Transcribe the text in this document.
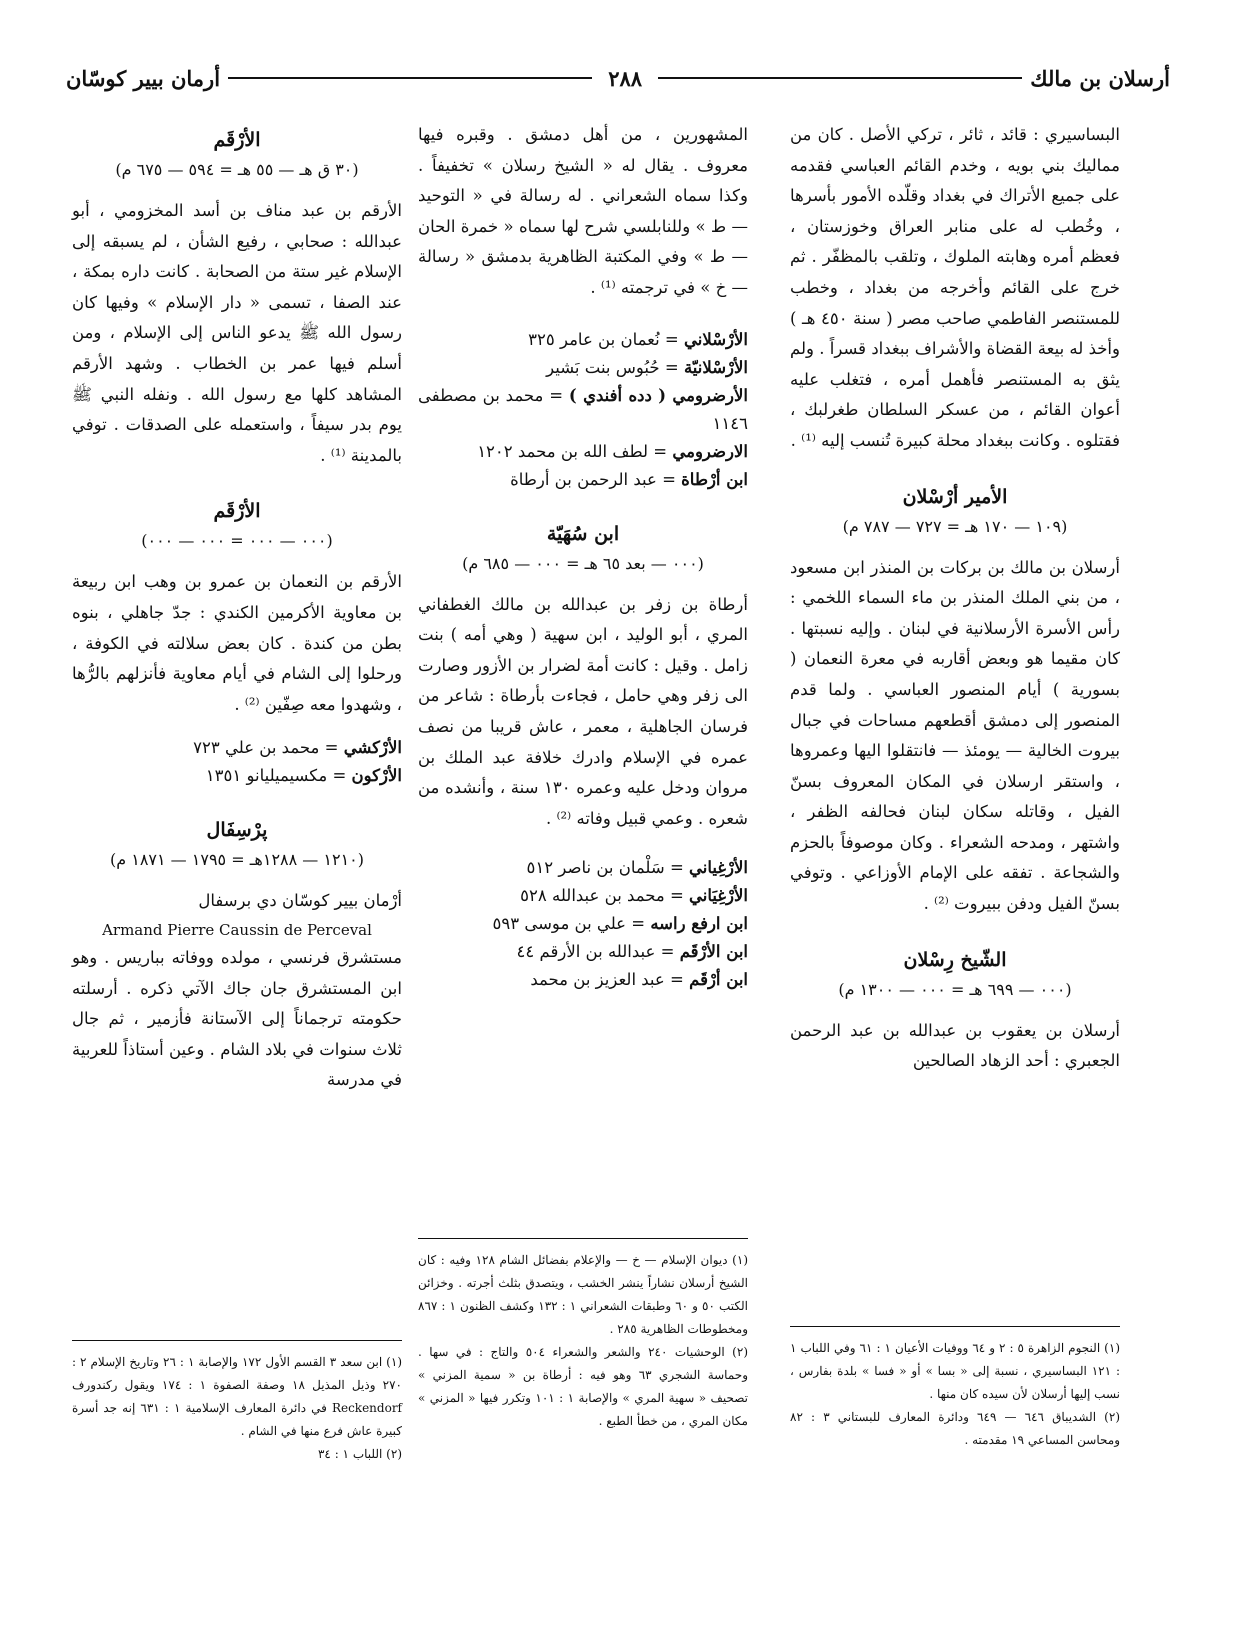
أرسلان بن مالك
٢٨٨
أرمان بيير كوسّان

البساسيري : قائد ، ثائر ، تركي الأصل . كان من مماليك بني بويه ، وخدم القائم العباسي فقدمه على جميع الأتراك في بغداد وقلّده الأمور بأسرها ، وخُطب له على منابر العراق وخوزستان ، فعظم أمره وهابته الملوك ، وتلقب بالمظفّر . ثم خرج على القائم وأخرجه من بغداد ، وخطب للمستنصر الفاطمي صاحب مصر ( سنة ٤٥٠ هـ ) وأخذ له بيعة القضاة والأشراف ببغداد قسراً . ولم يثق به المستنصر فأهمل أمره ، فتغلب عليه أعوان القائم ، من عسكر السلطان طغرلبك ، فقتلوه . وكانت ببغداد محلة كبيرة تُنسب إليه ⁽¹⁾ .

الأمير أرْسْلان
(١٠٩ — ١٧٠ هـ = ٧٢٧ — ٧٨٧ م)

أرسلان بن مالك بن بركات بن المنذر ابن مسعود ، من بني الملك المنذر بن ماء السماء اللخمي : رأس الأسرة الأرسلانية في لبنان . وإليه نسبتها . كان مقيما هو وبعض أقاربه في معرة النعمان ( بسورية ) أيام المنصور العباسي . ولما قدم المنصور إلى دمشق أقطعهم مساحات في جبال بيروت الخالية — يومئذ — فانتقلوا اليها وعمروها ، واستقر ارسلان في المكان المعروف بسنّ الفيل ، وقاتله سكان لبنان فحالفه الظفر ، واشتهر ، ومدحه الشعراء . وكان موصوفاً بالحزم والشجاعة . تفقه على الإمام الأوزاعي . وتوفي بسنّ الفيل ودفن ببيروت ⁽²⁾ .

الشّيخ رِسْلان
(٠٠٠ — ٦٩٩ هـ = ٠٠٠ — ١٣٠٠ م)

أرسلان بن يعقوب بن عبدالله بن عبد الرحمن الجعبري : أحد الزهاد الصالحين

المشهورين ، من أهل دمشق . وقبره فيها معروف . يقال له « الشيخ رسلان » تخفيفاً . وكذا سماه الشعراني . له رسالة في « التوحيد — ط » وللنابلسي شرح لها سماه « خمرة الحان — ط » وفي المكتبة الظاهرية بدمشق « رسالة — خ » في ترجمته ⁽¹⁾ .

الأرْسْلاني = نُعمان بن عامر ٣٢٥
الأرْسْلانيّة = حُبُوس بنت بَشير
الأرضرومي ( دده أفندي ) = محمد بن مصطفى ١١٤٦
الارضرومي = لطف الله بن محمد ١٢٠٢
ابن أرْطاة = عبد الرحمن بن أرطاة
ابن سُهَيّة
(٠٠٠ — بعد ٦٥ هـ = ٠٠٠ — ٦٨٥ م)

أرطاة بن زفر بن عبدالله بن مالك الغطفاني المري ، أبو الوليد ، ابن سهية ( وهي أمه ) بنت زامل . وقيل : كانت أمة لضرار بن الأزور وصارت الى زفر وهي حامل ، فجاءت بأرطاة : شاعر من فرسان الجاهلية ، معمر ، عاش قريبا من نصف عمره في الإسلام وادرك خلافة عبد الملك بن مروان ودخل عليه وعمره ١٣٠ سنة ، وأنشده من شعره . وعمي قبيل وفاته ⁽²⁾ .

الأرْغِياني = سَلْمان بن ناصر ٥١٢
الأرْغِيَاني = محمد بن عبدالله ٥٢٨
ابن ارفع راسه = علي بن موسى ٥٩٣
ابن الأرْقَم = عبدالله بن الأرقم ٤٤
ابن أرْقَم = عبد العزيز بن محمد
الأرْقَم
(٣٠ ق هـ — ٥٥ هـ = ٥٩٤ — ٦٧٥ م)

الأرقم بن عبد مناف بن أسد المخزومي ، أبو عبدالله : صحابي ، رفيع الشأن ، لم يسبقه إلى الإسلام غير ستة من الصحابة . كانت داره بمكة ، عند الصفا ، تسمى « دار الإسلام » وفيها كان رسول الله ﷺ يدعو الناس إلى الإسلام ، ومن أسلم فيها عمر بن الخطاب . وشهد الأرقم المشاهد كلها مع رسول الله . ونفله النبي ﷺ يوم بدر سيفاً ، واستعمله على الصدقات . توفي بالمدينة ⁽¹⁾ .

الأرْقَم
(٠٠٠ — ٠٠٠ = ٠٠٠ — ٠٠٠)

الأرقم بن النعمان بن عمرو بن وهب ابن ربيعة بن معاوية الأكرمين الكندي : جدّ جاهلي ، بنوه بطن من كندة . كان بعض سلالته في الكوفة ، ورحلوا إلى الشام في أيام معاوية فأنزلهم بالرُّها ، وشهدوا معه صِفّين ⁽²⁾ .

الأرْكشي = محمد بن علي ٧٢٣
الأرْكون = مكسيميليانو ١٣٥١
پرْسِفَال
(١٢١٠ — ١٢٨٨هـ = ١٧٩٥ — ١٨٧١ م)

أرْمان بيير كوسّان دي برسفال

Armand Pierre Caussin de Perceval

مستشرق فرنسي ، مولده ووفاته بباريس . وهو ابن المستشرق جان جاك الآتي ذكره . أرسلته حكومته ترجماناً إلى الآستانة فأزمير ، ثم جال ثلاث سنوات في بلاد الشام . وعين أستاذاً للعربية في مدرسة

(١) النجوم الزاهرة ٥ : ٢ و ٦٤ ووفيات الأعيان ١ : ٦١ وفي اللباب ١ : ١٢١ البساسيري ، نسبة إلى « بسا » أو « فسا » بلدة بفارس ، نسب إليها أرسلان لأن سيده كان منها .

(٢) الشديباق ٦٤٦ — ٦٤٩ ودائرة المعارف للبستاني ٣ : ٨٢ ومحاسن المساعي ١٩ مقدمته .

(١) ديوان الإسلام — خ — والإعلام بفضائل الشام ١٢٨ وفيه : كان الشيخ أرسلان نشاراً ينشر الخشب ، ويتصدق بثلث أجرته . وخزائن الكتب ٥٠ و ٦٠ وطبقات الشعراني ١ : ١٣٢ وكشف الظنون ١ : ٨٦٧ ومخطوطات الظاهرية ٢٨٥ .

(٢) الوحشيات ٢٤٠ والشعر والشعراء ٥٠٤ والتاج : في سها . وحماسة الشجري ٦٣ وهو فيه : أرطاة بن « سمية المزني » تصحيف « سهية المري » والإصابة ١ : ١٠١ وتكرر فيها « المزني » مكان المري ، من خطأ الطبع .

(١) ابن سعد ٣ القسم الأول ١٧٢ والإصابة ١ : ٢٦ وتاريخ الإسلام ٢ : ٢٧٠ وذيل المذيل ١٨ وصفة الصفوة ١ : ١٧٤ ويقول ركندورف Reckendorf في دائرة المعارف الإسلامية ١ : ٦٣١ إنه جد أسرة كبيرة عاش فرع منها في الشام .

(٢) اللباب ١ : ٣٤
